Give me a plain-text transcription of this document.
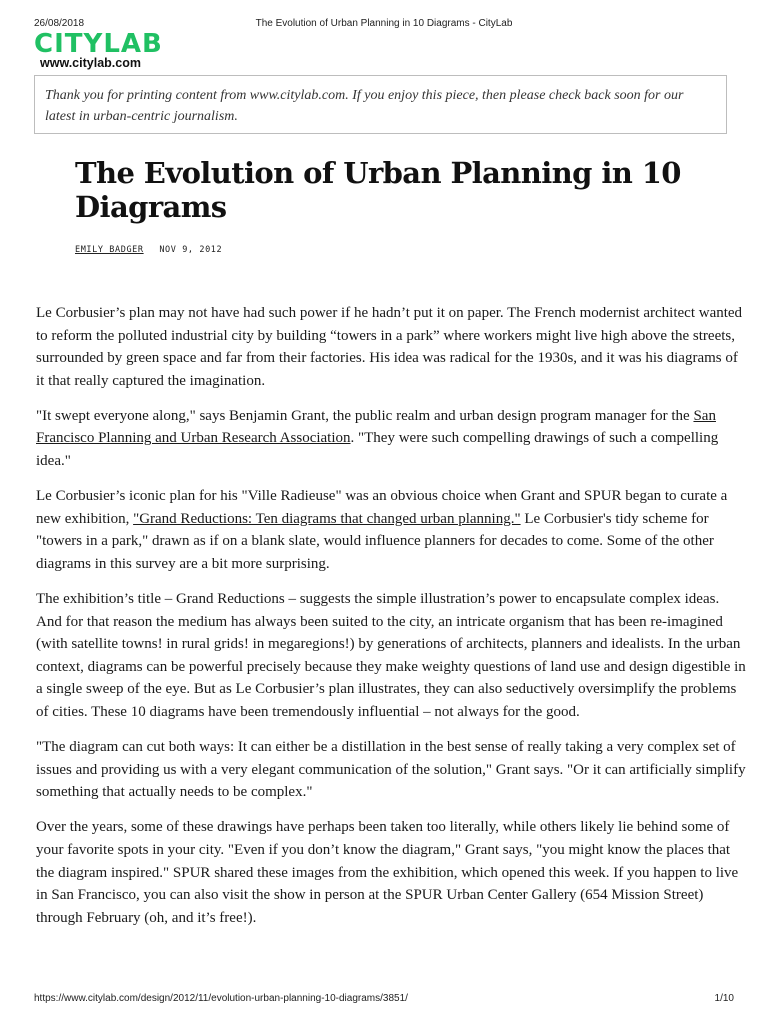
26/08/2018	The Evolution of Urban Planning in 10 Diagrams - CityLab
CITYLAB
www.citylab.com
Thank you for printing content from www.citylab.com. If you enjoy this piece, then please check back soon for our latest in urban-centric journalism.
The Evolution of Urban Planning in 10 Diagrams
EMILY BADGER NOV 9, 2012

Le Corbusier’s plan may not have had such power if he hadn’t put it on paper. The French modernist architect wanted to reform the polluted industrial city by building “towers in a park” where workers might live high above the streets, surrounded by green space and far from their factories. His idea was radical for the 1930s, and it was his diagrams of it that really captured the imagination.

"It swept everyone along," says Benjamin Grant, the public realm and urban design program manager for the San Francisco Planning and Urban Research Association. "They were such compelling drawings of such a compelling idea."

Le Corbusier’s iconic plan for his "Ville Radieuse" was an obvious choice when Grant and SPUR began to curate a new exhibition, "Grand Reductions: Ten diagrams that changed urban planning." Le Corbusier's tidy scheme for "towers in a park," drawn as if on a blank slate, would influence planners for decades to come. Some of the other diagrams in this survey are a bit more surprising.

The exhibition’s title – Grand Reductions – suggests the simple illustration’s power to encapsulate complex ideas. And for that reason the medium has always been suited to the city, an intricate organism that has been re-imagined (with satellite towns! in rural grids! in megaregions!) by generations of architects, planners and idealists. In the urban context, diagrams can be powerful precisely because they make weighty questions of land use and design digestible in a single sweep of the eye. But as Le Corbusier’s plan illustrates, they can also seductively oversimplify the problems of cities. These 10 diagrams have been tremendously influential – not always for the good.

"The diagram can cut both ways: It can either be a distillation in the best sense of really taking a very complex set of issues and providing us with a very elegant communication of the solution," Grant says. "Or it can artificially simplify something that actually needs to be complex."

Over the years, some of these drawings have perhaps been taken too literally, while others likely lie behind some of your favorite spots in your city. "Even if you don’t know the diagram," Grant says, "you might know the places that the diagram inspired." SPUR shared these images from the exhibition, which opened this week. If you happen to live in San Francisco, you can also visit the show in person at the SPUR Urban Center Gallery (654 Mission Street) through February (oh, and it’s free!).

https://www.citylab.com/design/2012/11/evolution-urban-planning-10-diagrams/3851/	1/10
